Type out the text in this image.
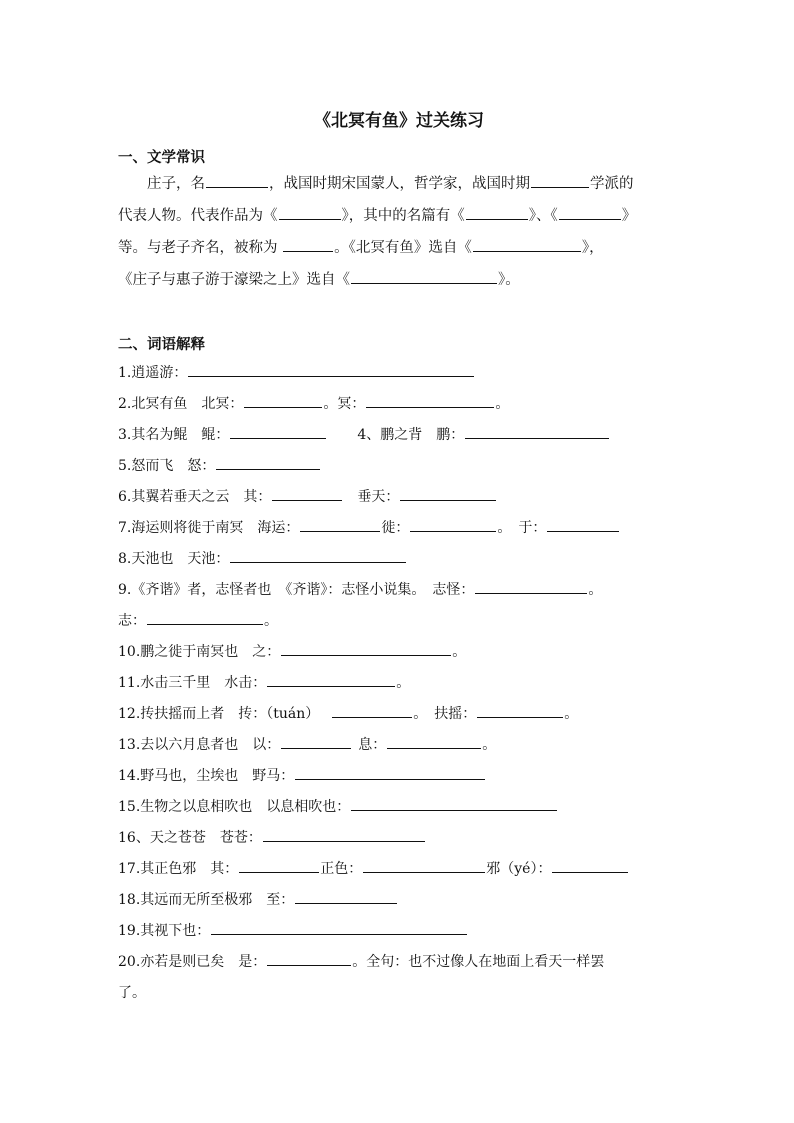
《北冥有鱼》过关练习
一、文学常识
　　庄子，名	，战国时期宋国蒙人，哲学家，战国时期	学派的
代表人物。代表作品为《	》，其中的名篇有《	》、《	》
等。与老子齐名，被称为	。《北冥有鱼》选自《	》，
《庄子与惠子游于濠梁之上》选自《	》。
二、词语解释
1.逍遥游：
2.北冥有鱼　北冥：	。冥：	。
3.其名为鲲　鲲：	4、鹏之背　鹏：
5.怒而飞　怒：
6.其翼若垂天之云　其：	垂天：
7.海运则将徙于南冥　海运：	徙：	。　于：
8.天池也　天池：
9.《齐谐》者，志怪者也　《齐谐》：志怪小说集。　志怪：	。
志：	。
10.鹏之徙于南冥也　之：	。
11.水击三千里　水击：	。
12.抟扶摇而上者　抟：（tuán）	。　扶摇：	。
13.去以六月息者也　以：	息：	。
14.野马也，尘埃也　野马：
15.生物之以息相吹也　以息相吹也：
16、天之苍苍　苍苍：
17.其正色邪　其：	正色：	邪（yé）：
18.其远而无所至极邪　至：
19.其视下也：
20.亦若是则已矣　是：	。全句：也不过像人在地面上看天一样罢
了。
